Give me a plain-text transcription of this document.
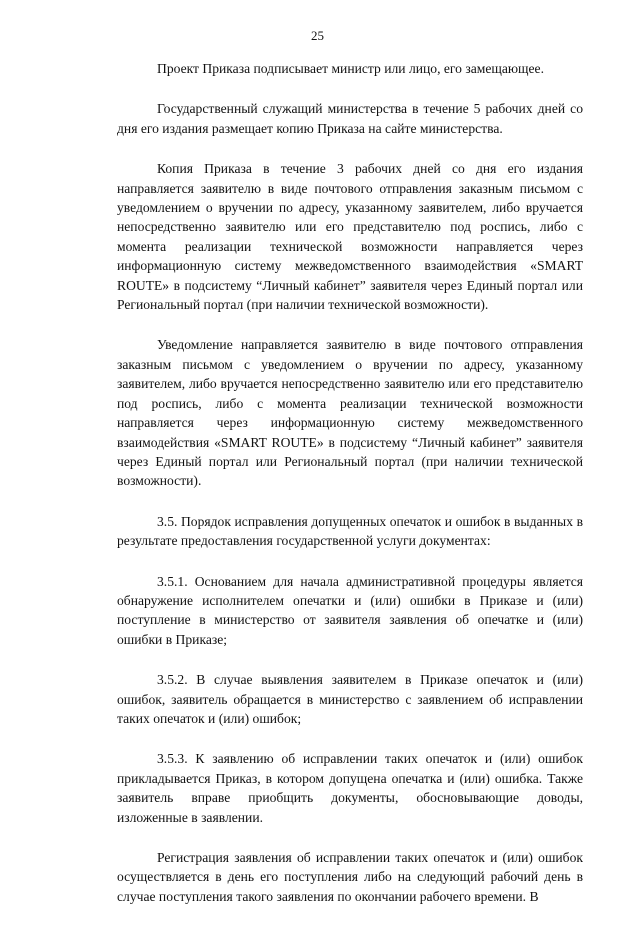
25

Проект Приказа подписывает министр или лицо, его замещающее.

Государственный служащий министерства в течение 5 рабочих дней со дня его издания размещает копию Приказа на сайте министерства.

Копия Приказа в течение 3 рабочих дней со дня его издания направляется заявителю в виде почтового отправления заказным письмом с уведомлением о вручении по адресу, указанному заявителем, либо вручается непосредственно заявителю или его представителю под роспись, либо с момента реализации технической возможности направляется через информационную систему межведомственного взаимодействия «SMART ROUTE» в подсистему “Личный кабинет” заявителя через Единый портал или Региональный портал (при наличии технической возможности).

Уведомление направляется заявителю в виде почтового отправления заказным письмом с уведомлением о вручении по адресу, указанному заявителем, либо вручается непосредственно заявителю или его представителю под роспись, либо с момента реализации технической возможности направляется через информационную систему межведомственного взаимодействия «SMART ROUTE» в подсистему “Личный кабинет” заявителя через Единый портал или Региональный портал (при наличии технической возможности).

3.5. Порядок исправления допущенных опечаток и ошибок в выданных в результате предоставления государственной услуги документах:

3.5.1. Основанием для начала административной процедуры является обнаружение исполнителем опечатки и (или) ошибки в Приказе и (или) поступление в министерство от заявителя заявления об опечатке и (или) ошибки в Приказе;

3.5.2. В случае выявления заявителем в Приказе опечаток и (или) ошибок, заявитель обращается в министерство с заявлением об исправлении таких опечаток и (или) ошибок;

3.5.3. К заявлению об исправлении таких опечаток и (или) ошибок прикладывается Приказ, в котором допущена опечатка и (или) ошибка. Также заявитель вправе приобщить документы, обосновывающие доводы, изложенные в заявлении.

Регистрация заявления об исправлении таких опечаток и (или) ошибок осуществляется в день его поступления либо на следующий рабочий день в случае поступления такого заявления по окончании рабочего времени. В
